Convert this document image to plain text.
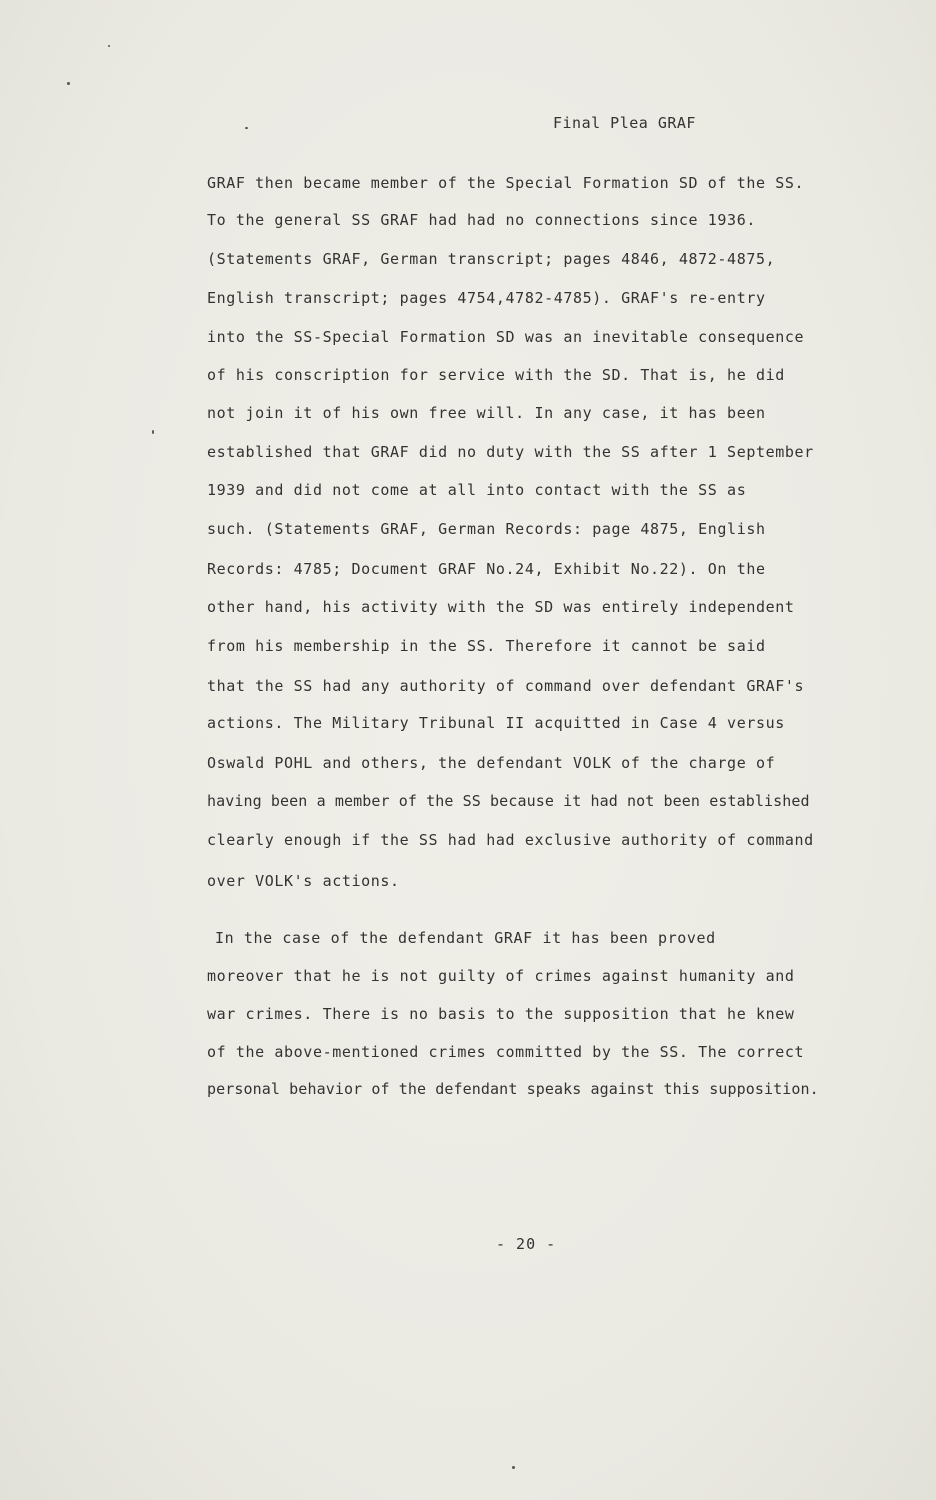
Final Plea GRAF
GRAF then became member of the Special Formation SD of the SS.
To the general SS GRAF had had no connections since 1936.
(Statements GRAF, German transcript; pages 4846, 4872-4875,
English transcript; pages 4754,4782-4785). GRAF's re-entry
into the SS-Special Formation SD was an inevitable consequence
of his conscription for service with the SD. That is, he did
not join it of his own free will. In any case, it has been
established that GRAF did no duty with the SS after 1 September
1939 and did not come at all into contact with the SS as
such. (Statements GRAF, German Records: page 4875, English
Records: 4785; Document GRAF No.24, Exhibit No.22). On the
other hand, his activity with the SD was entirely independent
from his membership in the SS. Therefore it cannot be said
that the SS had any authority of command over defendant GRAF's
actions. The Military Tribunal II acquitted in Case 4 versus
Oswald POHL and others, the defendant VOLK of the charge of
having been a member of the SS because it had not been established
clearly enough if the SS had had exclusive authority of command
over VOLK's actions.
In the case of the defendant GRAF it has been proved
moreover that he is not guilty of crimes against humanity and
war crimes. There is no basis to the supposition that he knew
of the above-mentioned crimes committed by the SS. The correct
personal behavior of the defendant speaks against this supposition.
- 20 -
